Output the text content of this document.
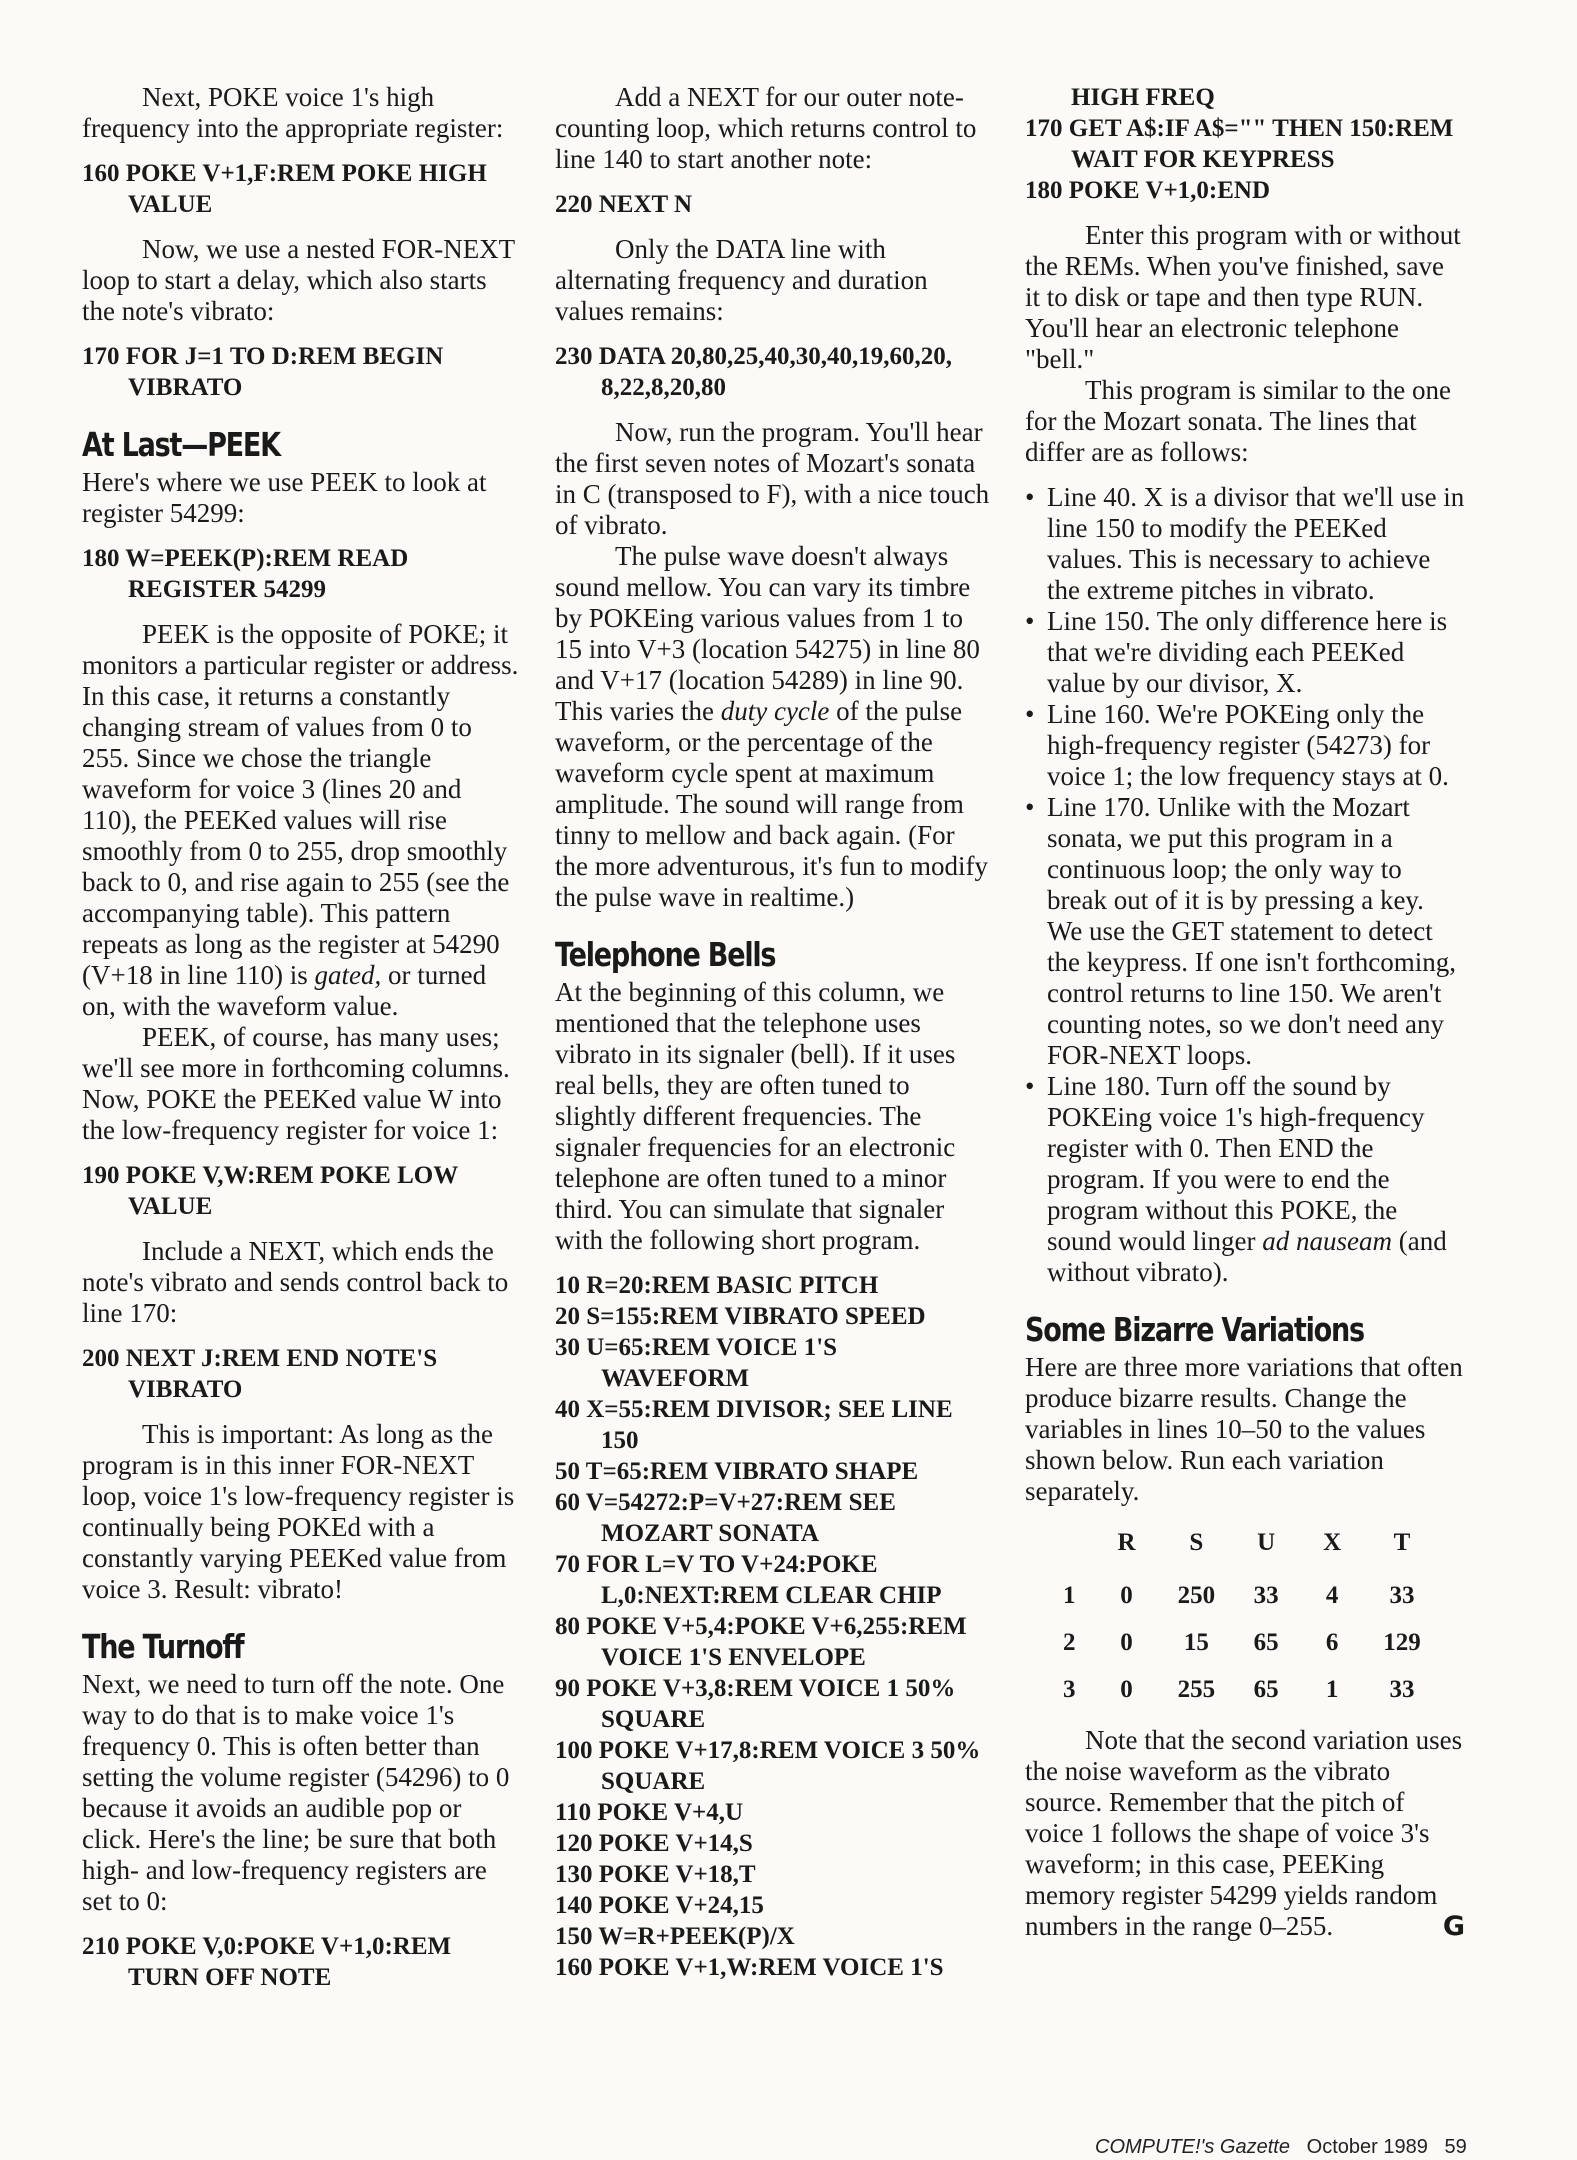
Next, POKE voice 1's high frequency into the appropriate register:

160 POKE V+1,F:REM POKE HIGH VALUE

Now, we use a nested FOR-NEXT loop to start a delay, which also starts the note's vibrato:

170 FOR J=1 TO D:REM BEGIN VIBRATO

At Last—PEEK

Here's where we use PEEK to look at register 54299:

180 W=PEEK(P):REM READ REGISTER 54299

PEEK is the opposite of POKE; it monitors a particular register or address. In this case, it returns a constantly changing stream of values from 0 to 255. Since we chose the triangle waveform for voice 3 (lines 20 and 110), the PEEKed values will rise smoothly from 0 to 255, drop smoothly back to 0, and rise again to 255 (see the accompanying table). This pattern repeats as long as the register at 54290 (V+18 in line 110) is gated, or turned on, with the waveform value.

PEEK, of course, has many uses; we'll see more in forthcoming columns. Now, POKE the PEEKed value W into the low-frequency register for voice 1:

190 POKE V,W:REM POKE LOW VALUE

Include a NEXT, which ends the note's vibrato and sends control back to line 170:

200 NEXT J:REM END NOTE'S VIBRATO

This is important: As long as the program is in this inner FOR-NEXT loop, voice 1's low-frequency register is continually being POKEd with a constantly varying PEEKed value from voice 3. Result: vibrato!

The Turnoff

Next, we need to turn off the note. One way to do that is to make voice 1's frequency 0. This is often better than setting the volume register (54296) to 0 because it avoids an audible pop or click. Here's the line; be sure that both high- and low-frequency registers are set to 0:

210 POKE V,0:POKE V+1,0:REM TURN OFF NOTE

Add a NEXT for our outer note-counting loop, which returns control to line 140 to start another note:

220 NEXT N

Only the DATA line with alternating frequency and duration values remains:

230 DATA 20,80,25,40,30,40,19,60,20, 8,22,8,20,80

Now, run the program. You'll hear the first seven notes of Mozart's sonata in C (transposed to F), with a nice touch of vibrato.

The pulse wave doesn't always sound mellow. You can vary its timbre by POKEing various values from 1 to 15 into V+3 (location 54275) in line 80 and V+17 (location 54289) in line 90. This varies the duty cycle of the pulse waveform, or the percentage of the waveform cycle spent at maximum amplitude. The sound will range from tinny to mellow and back again. (For the more adventurous, it's fun to modify the pulse wave in realtime.)

Telephone Bells

At the beginning of this column, we mentioned that the telephone uses vibrato in its signaler (bell). If it uses real bells, they are often tuned to slightly different frequencies. The signaler frequencies for an electronic telephone are often tuned to a minor third. You can simulate that signaler with the following short program.

10 R=20:REM BASIC PITCH

20 S=155:REM VIBRATO SPEED

30 U=65:REM VOICE 1'S WAVEFORM

40 X=55:REM DIVISOR; SEE LINE 150

50 T=65:REM VIBRATO SHAPE

60 V=54272:P=V+27:REM SEE MOZART SONATA

70 FOR L=V TO V+24:POKE L,0:NEXT:REM CLEAR CHIP

80 POKE V+5,4:POKE V+6,255:REM VOICE 1'S ENVELOPE

90 POKE V+3,8:REM VOICE 1 50% SQUARE

100 POKE V+17,8:REM VOICE 3 50% SQUARE

110 POKE V+4,U

120 POKE V+14,S

130 POKE V+18,T

140 POKE V+24,15

150 W=R+PEEK(P)/X

160 POKE V+1,W:REM VOICE 1'S

HIGH FREQ

170 GET A$:IF A$="" THEN 150:REM WAIT FOR KEYPRESS

180 POKE V+1,0:END

Enter this program with or without the REMs. When you've finished, save it to disk or tape and then type RUN. You'll hear an electronic telephone "bell."

This program is similar to the one for the Mozart sonata. The lines that differ are as follows:

• Line 40. X is a divisor that we'll use in line 150 to modify the PEEKed values. This is necessary to achieve the extreme pitches in vibrato.
• Line 150. The only difference here is that we're dividing each PEEKed value by our divisor, X.
• Line 160. We're POKEing only the high-frequency register (54273) for voice 1; the low frequency stays at 0.
• Line 170. Unlike with the Mozart sonata, we put this program in a continuous loop; the only way to break out of it is by pressing a key. We use the GET statement to detect the keypress. If one isn't forthcoming, control returns to line 150. We aren't counting notes, so we don't need any FOR-NEXT loops.
• Line 180. Turn off the sound by POKEing voice 1's high-frequency register with 0. Then END the program. If you were to end the program without this POKE, the sound would linger ad nauseam (and without vibrato).
Some Bizarre Variations

Here are three more variations that often produce bizarre results. Change the variables in lines 10–50 to the values shown below. Run each variation separately.

	R	S	U	X	T
1	0	250	33	4	33
2	0	15	65	6	129
3	0	255	65	1	33

Note that the second variation uses the noise waveform as the vibrato source. Remember that the pitch of voice 1 follows the shape of voice 3's waveform; in this case, PEEKing memory register 54299 yields random numbers in the range 0–255.	G

COMPUTE!'s Gazette October 1989 59
